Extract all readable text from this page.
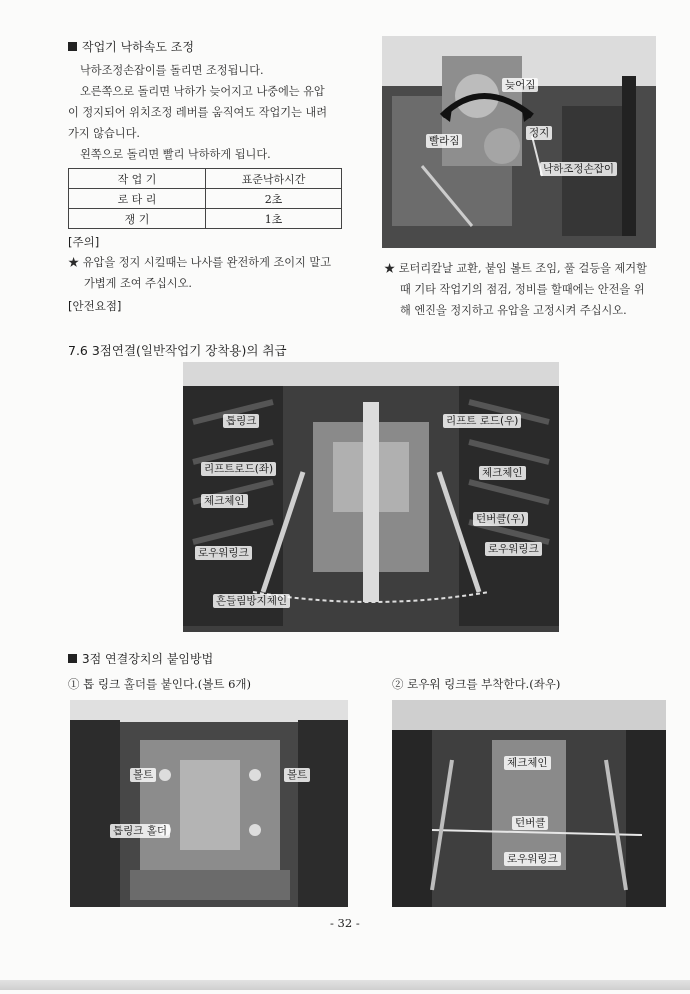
작업기 낙하속도 조정
낙하조정손잡이를 돌리면 조정됩니다.
오른쪽으로 돌리면 낙하가 늦어지고 나중에는 유압
이 정지되어 위치조정 레버를 움직여도 작업기는 내려
가지 않습니다.
왼쪽으로 돌리면 빨리 낙하하게 됩니다.
작 업 기	표준낙하시간
로 타 리	2초
쟁 기	1초
[주의]
★ 유압을 정지 시킬때는 나사를 완전하게 조이지 말고
가볍게 조여 주십시오.
[안전요점]
늦어짐
빨라짐
정지
낙하조정손잡이
★ 로터리칼날 교환, 붙임 볼트 조임, 풀 걸등을 제거할
때 기타 작업기의 점검, 정비를 할때에는 안전을 위
해 엔진을 정지하고 유압을 고정시켜 주십시오.
7.6 3점연결(일반작업기 장착용)의 취급
톱링크
리프트로드(좌)
체크체인
로우워링크
흔들림방지체인
리프트 로드(우)
체크체인
턴버클(우)
로우워링크
3점 연결장치의 붙임방법
① 톱 링크 홀더를 붙인다.(볼트 6개)	② 로우워 링크를 부착한다.(좌우)
볼트	볼트
톱링크 홀더
체크체인
턴버클
로우워링크
- 32 -
